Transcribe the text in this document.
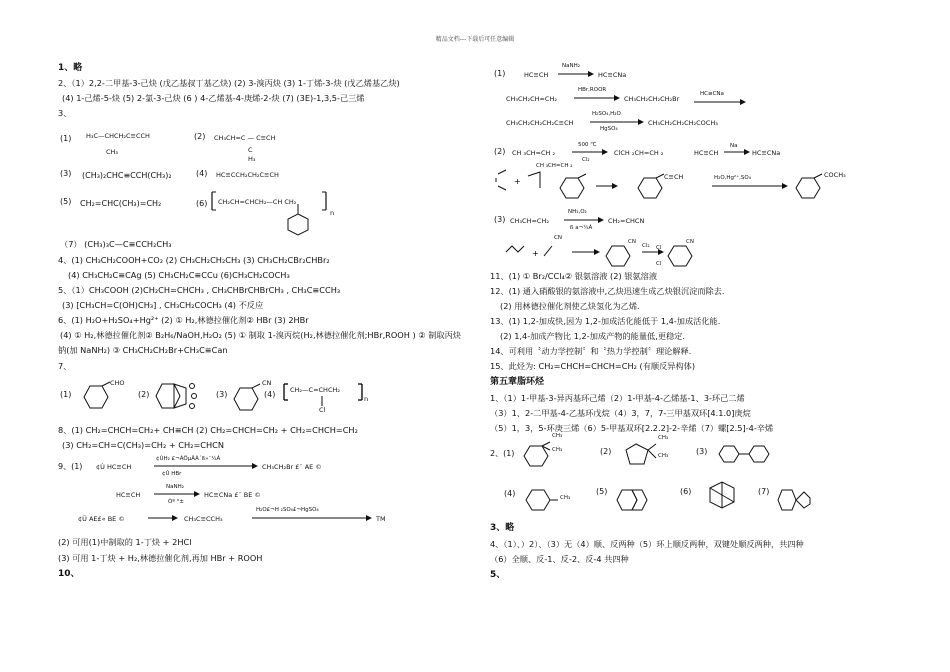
精品文档---下载后可任意编辑
1、略
2、（1）2,2-二甲基-3-己炔 (戊乙基叔丁基乙炔) (2) 3-溴丙炔 (3) 1-丁烯-3-炔 (戊乙烯基乙炔)
(4) 1-己烯-5-炔 (5) 2-氯-3-己炔 (6 ) 4-乙烯基-4-庚烯-2-炔 (7) (3E)-1,3,5-己三烯
3、
(1) H₃C—CHCH₂C≡CCH
CH₃
(2) CH₃CH=C — C≡CH
C
H₃
(3) (CH₃)₂CHC≡CCH(CH₃)₂	(4) HC≡CCH₂CH₂C≡CH
(5) CH₂=CHC(CH₃)=CH₂	(6) CH₂CH=CHCH₂—CH CH₂
n
（7） (CH₃)₃C—C≡CCH₂CH₃
4、(1) CH₃CH₂COOH+CO₂ (2) CH₃CH₂CH₂CH₃ (3) CH₃CH₂CBr₂CHBr₂
(4) CH₃CH₂C≡CAg (5) CH₃CH₂C≡CCu (6)CH₃CH₂COCH₃
5、（1）CH₃COOH (2)CH₂CH=CHCH₃ , CH₃CHBrCHBrCH₃ , CH₃C≡CCH₃
(3) [CH₃CH=C(OH)CH₃] , CH₃CH₂COCH₃ (4) 不反应
6、(1) H₂O+H₂SO₄+Hg²⁺ (2) ① H₂,林德拉催化剂② HBr (3) 2HBr
(4) ① H₂,林德拉催化剂② B₂H₆/NaOH,H₂O₂ (5) ① 制取 1-溴丙烷(H₂,林德拉催化剂;HBr,ROOH ) ② 制取丙炔
钠(加 NaNH₂) ③ CH₃CH₂CH₂Br+CH₃C≡Can
7、
(1)
CHO
(2)	(3)
CN
(4) CH₂—C=CHCH₂
Cl
n
8、(1) CH₂=CHCH=CH₂+ CH≡CH (2) CH₂=CHCH=CH₂ + CH₂=CHCH=CH₂
(3) CH₂=CH=C(CH₃)=CH₂ + CH₂=CHCN
9、(1) ¢Ù HC≡CH
¢ÚH₂ £¬ÁÖµÂÀ´ß»¯¼Á
¢Û HBr
CH₃CH₂Br £¨ AE ©
HC≡CH
NaNH₂
Òº °±
HC≡CNa £¨ BE ©
¢Ü AE£« BE ©	CH₃C≡CCH₃
H₂O£¬H ₂SO₄£¬HgSO₄
TM
(2) 可用(1)中制取的 1-丁炔 + 2HCl
(3) 可用 1-丁炔 + H₂,林德拉催化剂,再加 HBr + ROOH
10、
(1)	HC≡CH
NaNH₂
HC≡CNa
CH₃CH₂CH=CH₂
HBr,ROOR
CH₃CH₂CH₂CH₂Br
HC≡CNa
CH₃CH₂CH₂CH₂C≡CH
H₂SO₄,H₂O
HgSO₄
CH₃CH₂CH₂CH₂COCH₃
(2) CH ₃CH=CH ₂
500 ℃
Cl₂
ClCH ₂CH=CH ₂	HC≡CH
Na
HC≡CNa
+
CH ₃CH=CH ₂
C≡CH	H₂O,Hg²⁺,SO₄	COCH₃
(3) CH₃CH=CH₂
NH₃,O₂
ß a¬¼Á
CH₂=CHCN
+
CN
CN
Cl₂
CN
Cl
Cl
11、(1) ① Br₂/CCl₄② 银氨溶液 (2) 银氨溶液
12、(1) 通入硝酸银的氨溶液中,乙炔迅速生成乙炔银沉淀而除去.
(2) 用林德拉催化剂使乙炔氢化为乙烯.
13、(1) 1,2-加成快,因为 1,2-加成活化能低于 1,4-加成活化能.
(2) 1,4-加成产物比 1,2-加成产物的能量低,更稳定.
14、可利用〝动力学控制〞和〝热力学控制〞理论解释.
15、此烃为: CH₂=CHCH=CHCH=CH₂ (有顺反异构体)
第五章脂环烃
1、（1）1-甲基-3-异丙基环己烯（2）1-甲基-4-乙烯基-1、3-环己二烯
（3）1、2-二甲基-4-乙基环戊烷（4）3，7，7-三甲基双环[4.1.0]庚烷
（5）1，3，5-环庚三烯（6）5-甲基双环[2.2.2]-2-辛烯（7）螺[2.5]-4-辛烯
2、(1)
CH₃
CH₃	(2)
CH₃
CH₃	(3)
(4)	CH₃
(5)	(6)	(7)
3、略
4、（1）、）2）、（3）无（4）顺、反两种（5）环上顺反两种，双键处顺反两种，共四种
（6）全顺、反-1、反-2、反-4 共四种
5、
